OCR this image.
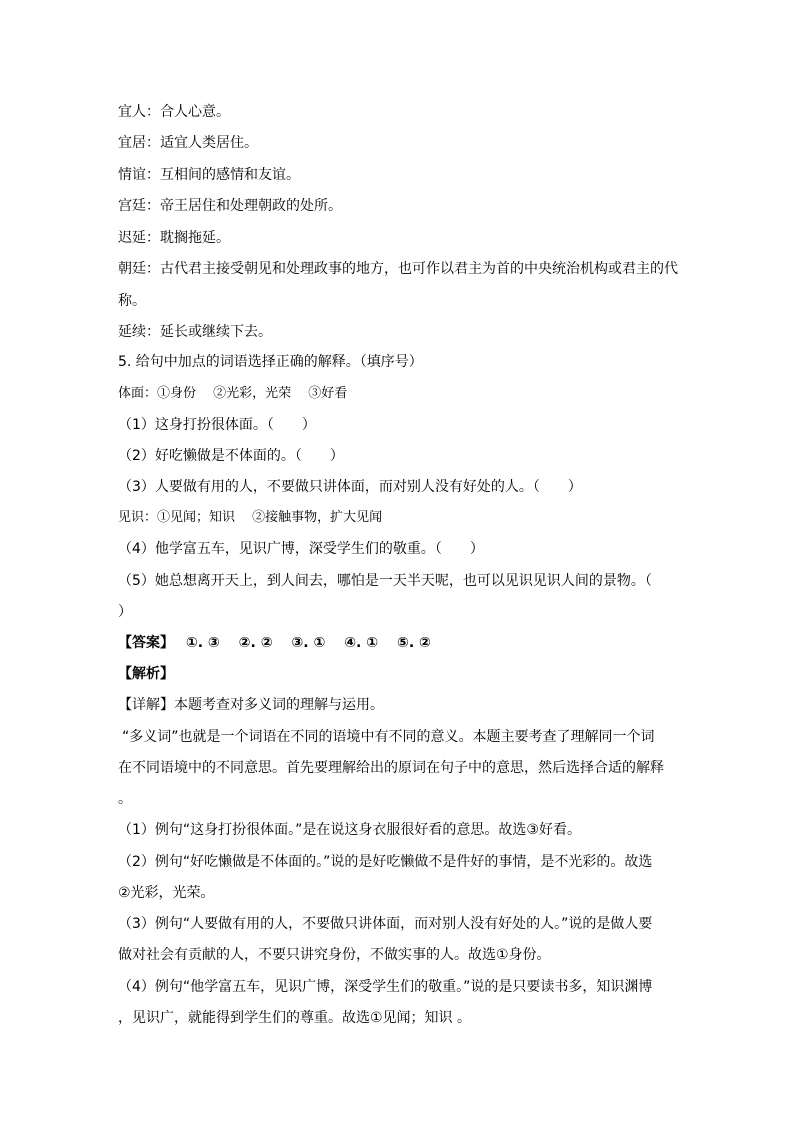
宜人：合人心意。
宜居：适宜人类居住。
情谊：互相间的感情和友谊。
宫廷：帝王居住和处理朝政的处所。
迟延：耽搁拖延。
朝廷：古代君主接受朝见和处理政事的地方，也可作以君主为首的中央统治机构或君主的代
称。
延续：延长或继续下去。
5. 给句中加点的词语选择正确的解释。（填序号）
体面：①身份　 ②光彩，光荣　 ③好看
（1）这身打扮很体面。（　　）
（2）好吃懒做是不体面的。（　　）
（3）人要做有用的人，不要做只讲体面，而对别人没有好处的人。（　　）
见识：①见闻；知识　 ②接触事物，扩大见闻
（4）他学富五车，见识广博，深受学生们的敬重。（　　）
（5）她总想离开天上，到人间去，哪怕是一天半天呢，也可以见识见识人间的景物。（
）
【答案】　 ①. ③　 ②. ②　 ③. ①　 ④. ①　 ⑤. ②
【解析】
【详解】本题考查对多义词的理解与运用。
“多义词”也就是一个词语在不同的语境中有不同的意义。本题主要考查了理解同一个词
在不同语境中的不同意思。首先要理解给出的原词在句子中的意思，然后选择合适的解释
。
（1）例句“这身打扮很体面。”是在说这身衣服很好看的意思。故选③好看。
（2）例句“好吃懒做是不体面的。”说的是好吃懒做不是件好的事情，是不光彩的。故选
②光彩，光荣。
（3）例句“人要做有用的人，不要做只讲体面，而对别人没有好处的人。”说的是做人要
做对社会有贡献的人，不要只讲究身份，不做实事的人。故选①身份。
（4）例句“他学富五车，见识广博，深受学生们的敬重。”说的是只要读书多，知识渊博
，见识广，就能得到学生们的尊重。故选①见闻；知识 。
